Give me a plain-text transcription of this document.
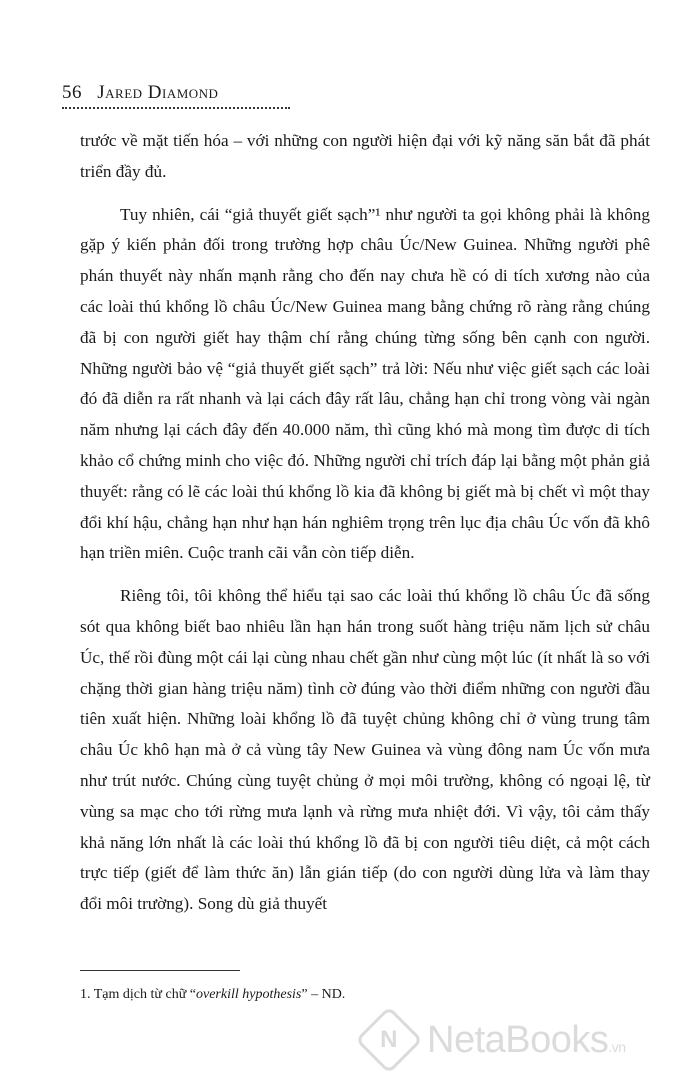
56 Jared Diamond

trước về mặt tiến hóa – với những con người hiện đại với kỹ năng săn bắt đã phát triển đầy đủ.

Tuy nhiên, cái “giả thuyết giết sạch”¹ như người ta gọi không phải là không gặp ý kiến phản đối trong trường hợp châu Úc/New Guinea. Những người phê phán thuyết này nhấn mạnh rằng cho đến nay chưa hề có di tích xương nào của các loài thú khổng lồ châu Úc/New Guinea mang bằng chứng rõ ràng rằng chúng đã bị con người giết hay thậm chí rằng chúng từng sống bên cạnh con người. Những người bảo vệ “giả thuyết giết sạch” trả lời: Nếu như việc giết sạch các loài đó đã diễn ra rất nhanh và lại cách đây rất lâu, chẳng hạn chỉ trong vòng vài ngàn năm nhưng lại cách đây đến 40.000 năm, thì cũng khó mà mong tìm được di tích khảo cổ chứng minh cho việc đó. Những người chỉ trích đáp lại bằng một phản giả thuyết: rằng có lẽ các loài thú khổng lồ kia đã không bị giết mà bị chết vì một thay đổi khí hậu, chẳng hạn như hạn hán nghiêm trọng trên lục địa châu Úc vốn đã khô hạn triền miên. Cuộc tranh cãi vẫn còn tiếp diễn.

Riêng tôi, tôi không thể hiểu tại sao các loài thú khổng lồ châu Úc đã sống sót qua không biết bao nhiêu lần hạn hán trong suốt hàng triệu năm lịch sử châu Úc, thế rồi đùng một cái lại cùng nhau chết gần như cùng một lúc (ít nhất là so với chặng thời gian hàng triệu năm) tình cờ đúng vào thời điểm những con người đầu tiên xuất hiện. Những loài khổng lồ đã tuyệt chủng không chỉ ở vùng trung tâm châu Úc khô hạn mà ở cả vùng tây New Guinea và vùng đông nam Úc vốn mưa như trút nước. Chúng cùng tuyệt chủng ở mọi môi trường, không có ngoại lệ, từ vùng sa mạc cho tới rừng mưa lạnh và rừng mưa nhiệt đới. Vì vậy, tôi cảm thấy khả năng lớn nhất là các loài thú khổng lồ đã bị con người tiêu diệt, cả một cách trực tiếp (giết để làm thức ăn) lẫn gián tiếp (do con người dùng lửa và làm thay đổi môi trường). Song dù giả thuyết

1. Tạm dịch từ chữ “overkill hypothesis” – ND.
N NetaBooks.vn
